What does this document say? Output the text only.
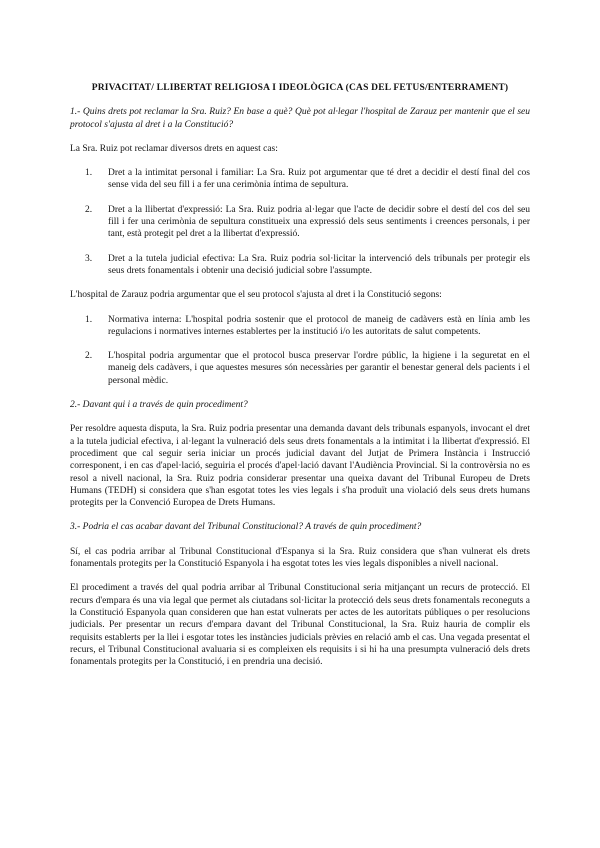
PRIVACITAT/ LLIBERTAT RELIGIOSA I IDEOLÒGICA (CAS DEL FETUS/ENTERRAMENT)
1.- Quins drets pot reclamar la Sra. Ruiz? En base a què? Què pot al·legar l'hospital de Zarauz per mantenir que el seu protocol s'ajusta al dret i a la Constitució?
La Sra. Ruiz pot reclamar diversos drets en aquest cas:
1.	Dret a la intimitat personal i familiar: La Sra. Ruiz pot argumentar que té dret a decidir el destí final del cos sense vida del seu fill i a fer una cerimònia íntima de sepultura.
2.	Dret a la llibertat d'expressió: La Sra. Ruiz podria al·legar que l'acte de decidir sobre el destí del cos del seu fill i fer una cerimònia de sepultura constitueix una expressió dels seus sentiments i creences personals, i per tant, està protegit pel dret a la llibertat d'expressió.
3.	Dret a la tutela judicial efectiva: La Sra. Ruiz podria sol·licitar la intervenció dels tribunals per protegir els seus drets fonamentals i obtenir una decisió judicial sobre l'assumpte.
L'hospital de Zarauz podria argumentar que el seu protocol s'ajusta al dret i la Constitució segons:
1.	Normativa interna: L'hospital podria sostenir que el protocol de maneig de cadàvers està en línia amb les regulacions i normatives internes establertes per la institució i/o les autoritats de salut competents.
2.	L'hospital podria argumentar que el protocol busca preservar l'ordre públic, la higiene i la seguretat en el maneig dels cadàvers, i que aquestes mesures són necessàries per garantir el benestar general dels pacients i el personal mèdic.
2.- Davant qui i a través de quin procediment?
Per resoldre aquesta disputa, la Sra. Ruiz podria presentar una demanda davant dels tribunals espanyols, invocant el dret a la tutela judicial efectiva, i al·legant la vulneració dels seus drets fonamentals a la intimitat i la llibertat d'expressió. El procediment que cal seguir seria iniciar un procés judicial davant del Jutjat de Primera Instància i Instrucció corresponent, i en cas d'apel·lació, seguiria el procés d'apel·lació davant l'Audiència Provincial. Si la controvèrsia no es resol a nivell nacional, la Sra. Ruiz podria considerar presentar una queixa davant del Tribunal Europeu de Drets Humans (TEDH) si considera que s'han esgotat totes les vies legals i s'ha produït una violació dels seus drets humans protegits per la Convenció Europea de Drets Humans.
3.- Podria el cas acabar davant del Tribunal Constitucional? A través de quin procediment?
Sí, el cas podria arribar al Tribunal Constitucional d'Espanya si la Sra. Ruiz considera que s'han vulnerat els drets fonamentals protegits per la Constitució Espanyola i ha esgotat totes les vies legals disponibles a nivell nacional.
El procediment a través del qual podria arribar al Tribunal Constitucional seria mitjançant un recurs de protecció. El recurs d'empara és una via legal que permet als ciutadans sol·licitar la protecció dels seus drets fonamentals reconeguts a la Constitució Espanyola quan consideren que han estat vulnerats per actes de les autoritats públiques o per resolucions judicials. Per presentar un recurs d'empara davant del Tribunal Constitucional, la Sra. Ruiz hauria de complir els requisits establerts per la llei i esgotar totes les instàncies judicials prèvies en relació amb el cas. Una vegada presentat el recurs, el Tribunal Constitucional avaluaria si es compleixen els requisits i si hi ha una presumpta vulneració dels drets fonamentals protegits per la Constitució, i en prendria una decisió.
